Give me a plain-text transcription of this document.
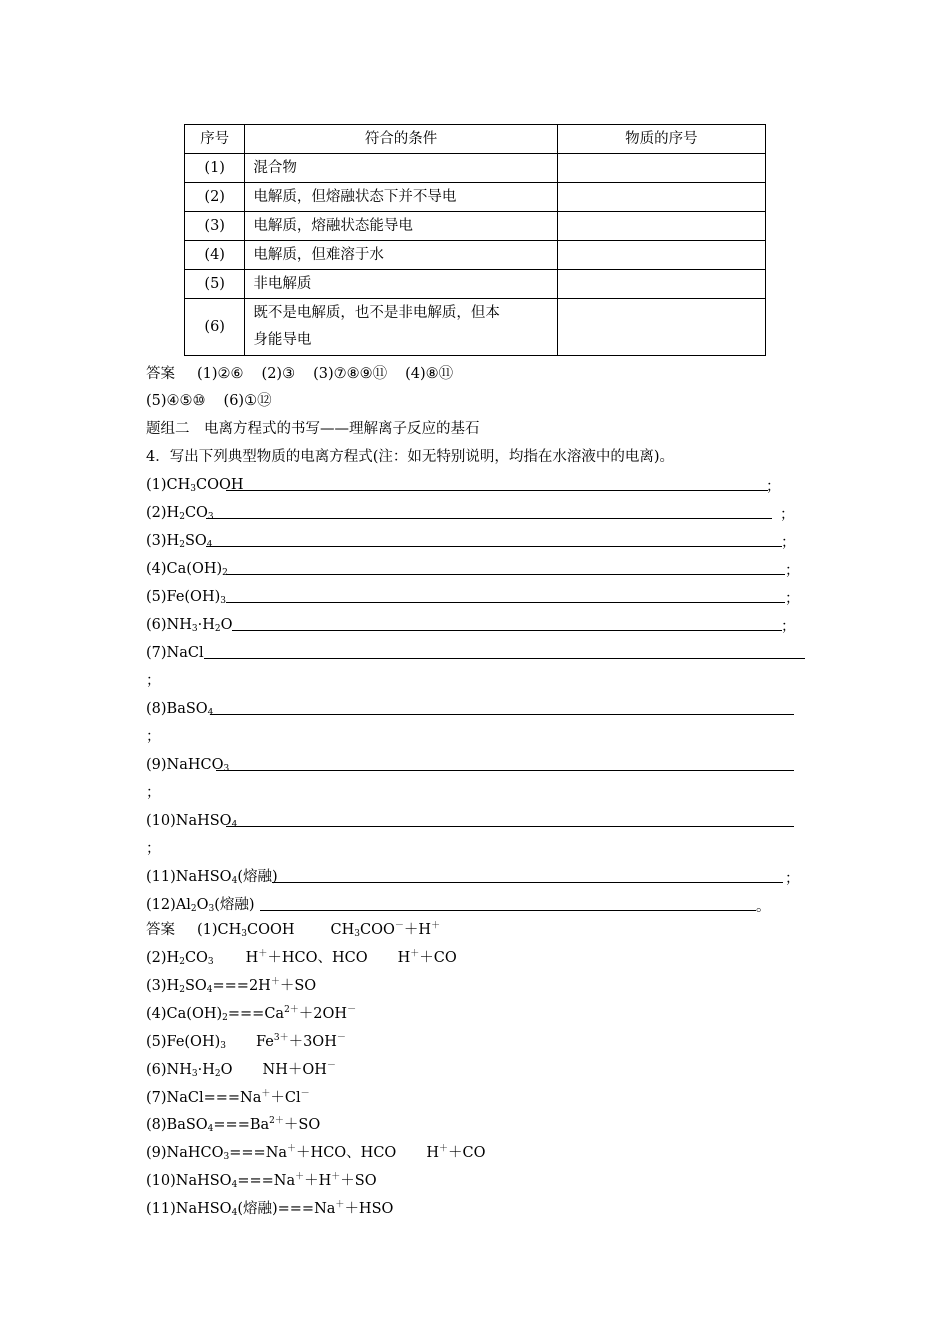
序号	符合的条件	物质的序号
(1)	混合物	
(2)	电解质，但熔融状态下并不导电	
(3)	电解质，熔融状态能导电	
(4)	电解质，但难溶于水	
(5)	非电解质	
(6)	既不是电解质，也不是非电解质，但本
身能导电	
答案 (1)②⑥ (2)③ (3)⑦⑧⑨⑪ (4)⑧⑪
(5)④⑤⑩ (6)①⑫
题组二　电离方程式的书写——理解离子反应的基石
4．写出下列典型物质的电离方程式(注：如无特别说明，均指在水溶液中的电离)。
$(1)CH_3COOH$	；
$(2)H_2CO_3$	；
$(3)H_2SO_4$	；
$(4)Ca(OH)_2$	；
$(5)Fe(OH)_3$	；
$(6)NH_3\cdot H_2O$	；
(7)NaCl
；
(8)BaSO$_4$
；
(9)NaHCO$_3$
；
(10)NaHSO$_4$
；
(11)NaHSO$_4$(熔融)	；
$(12)Al_2O_3$(熔融)	。
答案 $(1)CH_3COOH$ $CH_3COO^-+H^+$
$(2)H_2CO_3$ H＋＋HCO、HCO H＋＋CO
$(3)H_2SO_4===2H^++SO$
$(4)Ca(OH)_2===Ca^{2+}+2OH^-$
$(5)Fe(OH)_3$ $Fe^{3+}+3OH^-$
$(6)NH_3\cdot H_2O$ NH＋OH－
(7)NaCl===Na＋＋Cl－
$(8)BaSO_4===Ba^{2+}+SO$
(9)NaHCO$_3$===Na＋＋HCO、HCO H＋＋CO
(10)NaHSO$_4$===Na＋＋H＋＋SO
(11)NaHSO$_4$(熔融)===Na＋＋HSO
